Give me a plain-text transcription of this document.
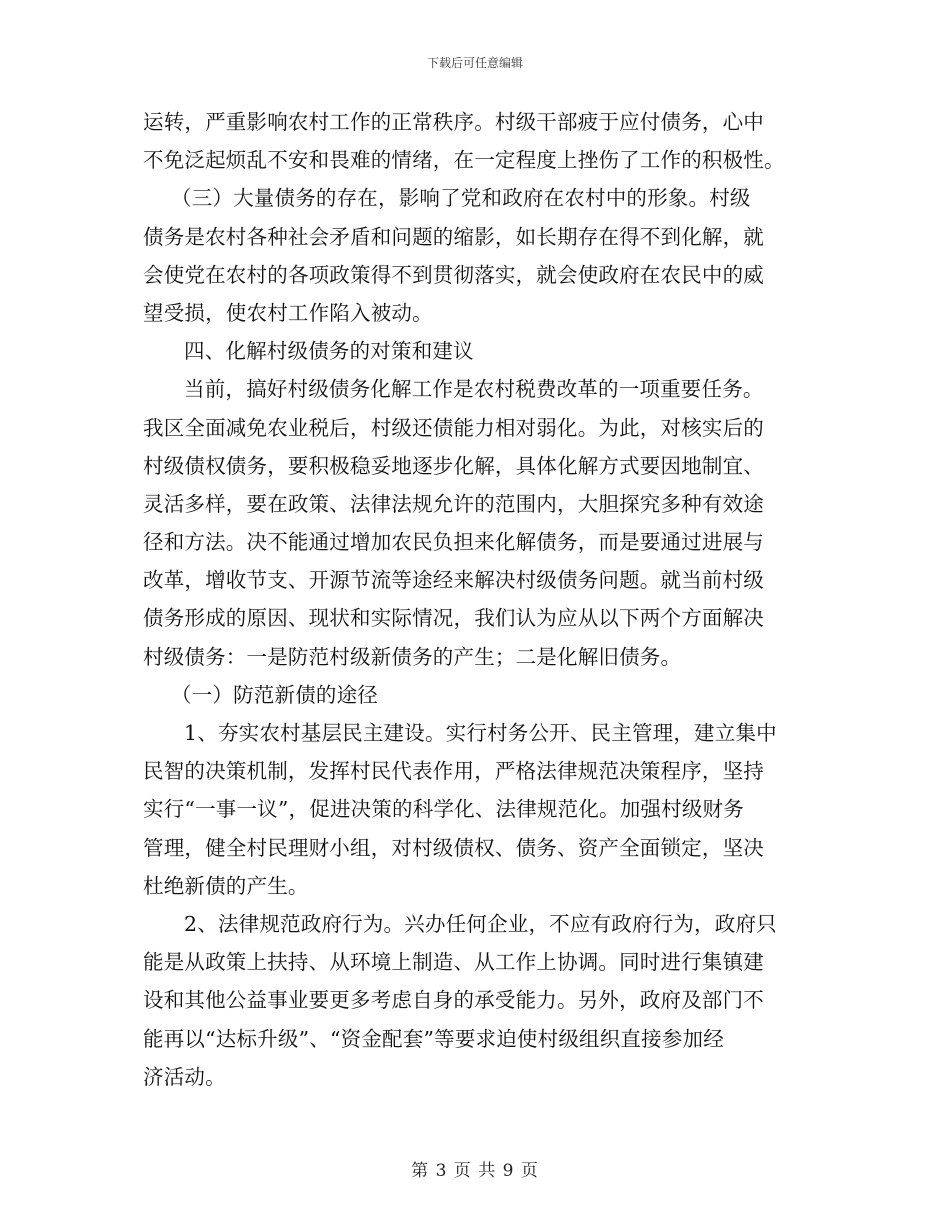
下载后可任意编辑
运转，严重影响农村工作的正常秩序。村级干部疲于应付债务，心中
不免泛起烦乱不安和畏难的情绪，在一定程度上挫伤了工作的积极性。
（三）大量债务的存在，影响了党和政府在农村中的形象。村级
债务是农村各种社会矛盾和问题的缩影，如长期存在得不到化解，就
会使党在农村的各项政策得不到贯彻落实，就会使政府在农民中的威
望受损，使农村工作陷入被动。
四、化解村级债务的对策和建议
当前，搞好村级债务化解工作是农村税费改革的一项重要任务。
我区全面减免农业税后，村级还债能力相对弱化。为此，对核实后的
村级债权债务，要积极稳妥地逐步化解，具体化解方式要因地制宜、
灵活多样，要在政策、法律法规允许的范围内，大胆探究多种有效途
径和方法。决不能通过增加农民负担来化解债务，而是要通过进展与
改革，增收节支、开源节流等途经来解决村级债务问题。就当前村级
债务形成的原因、现状和实际情况，我们认为应从以下两个方面解决
村级债务：一是防范村级新债务的产生；二是化解旧债务。
（一）防范新债的途径
1、夯实农村基层民主建设。实行村务公开、民主管理，建立集中
民智的决策机制，发挥村民代表作用，严格法律规范决策程序，坚持
实行“一事一议”，促进决策的科学化、法律规范化。加强村级财务
管理，健全村民理财小组，对村级债权、债务、资产全面锁定，坚决
杜绝新债的产生。
2、法律规范政府行为。兴办任何企业，不应有政府行为，政府只
能是从政策上扶持、从环境上制造、从工作上协调。同时进行集镇建
设和其他公益事业要更多考虑自身的承受能力。另外，政府及部门不
能再以“达标升级”、“资金配套”等要求迫使村级组织直接参加经
济活动。
第 3 页 共 9 页
